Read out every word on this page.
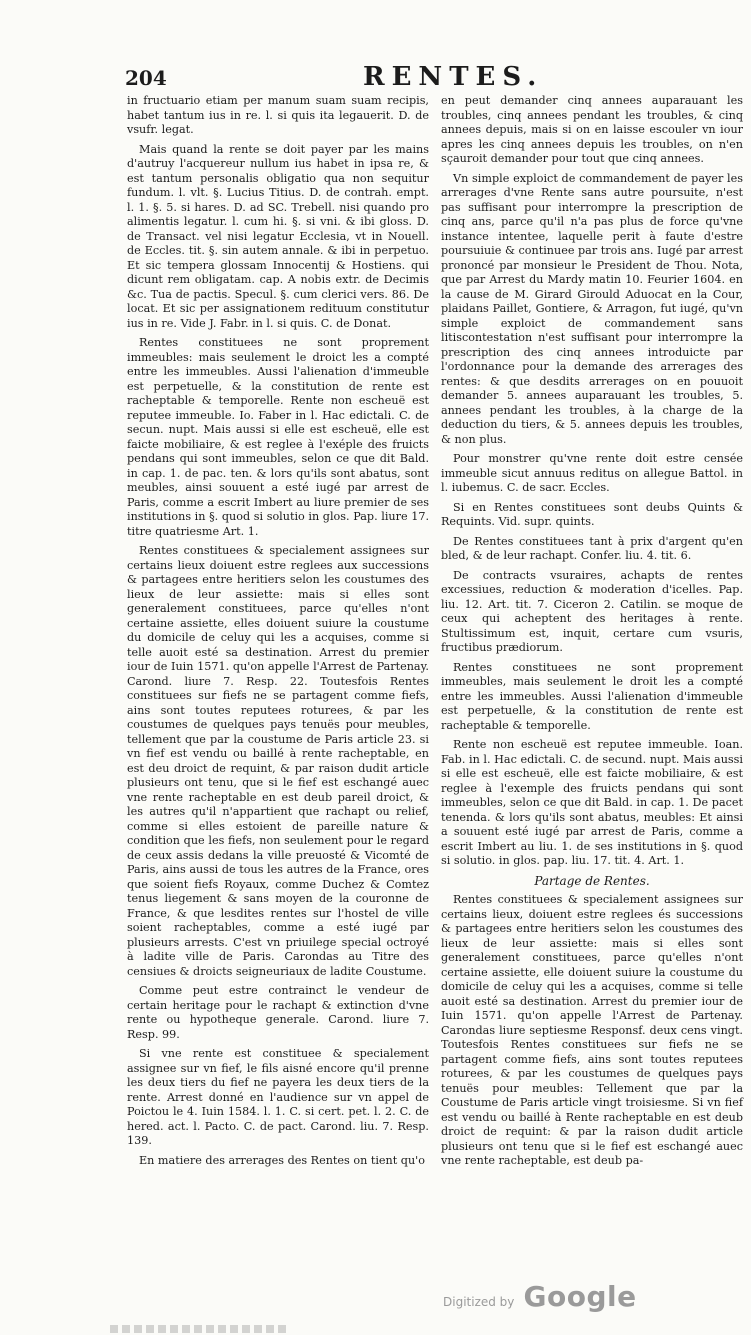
204	RENTES.

in fructuario etiam per manum suam suam recipis, habet tantum ius in re. l. si quis ita legauerit. D. de vsufr. legat.

Mais quand la rente se doit payer par les mains d'autruy l'acquereur nullum ius habet in ipsa re, & est tantum personalis obligatio qua non sequitur fundum. l. vlt. §. Lucius Titius. D. de contrah. empt. l. 1. §. 5. si hares. D. ad SC. Trebell. nisi quando pro alimentis legatur. l. cum hi. §. si vni. & ibi gloss. D. de Transact. vel nisi legatur Ecclesia, vt in Nouell. de Eccles. tit. §. sin autem annale. & ibi in perpetuo. Et sic tempera glossam Innocentij & Hostiens. qui dicunt rem obligatam. cap. A nobis extr. de Decimis &c. Tua de pactis. Specul. §. cum clerici vers. 86. De locat. Et sic per assignationem redituum constitutur ius in re. Vide J. Fabr. in l. si quis. C. de Donat.

Rentes constituees ne sont proprement immeubles: mais seulement le droict les a compté entre les immeubles. Aussi l'alienation d'immeuble est perpetuelle, & la constitution de rente est racheptable & temporelle. Rente non escheuë est reputee immeuble. Io. Faber in l. Hac edictali. C. de secun. nupt. Mais aussi si elle est escheuë, elle est faicte mobiliaire, & est reglee à l'exéple des fruicts pendans qui sont immeubles, selon ce que dit Bald. in cap. 1. de pac. ten. & lors qu'ils sont abatus, sont meubles, ainsi souuent a esté iugé par arrest de Paris, comme a escrit Imbert au liure premier de ses institutions in §. quod si solutio in glos. Pap. liure 17. titre quatriesme Art. 1.

Rentes constituees & specialement assignees sur certains lieux doiuent estre reglees aux successions & partagees entre heritiers selon les coustumes des lieux de leur assiette: mais si elles sont generalement constituees, parce qu'elles n'ont certaine assiette, elles doiuent suiure la coustume du domicile de celuy qui les a acquises, comme si telle auoit esté sa destination. Arrest du premier iour de Iuin 1571. qu'on appelle l'Arrest de Partenay. Carond. liure 7. Resp. 22. Toutesfois Rentes constituees sur fiefs ne se partagent comme fiefs, ains sont toutes reputees roturees, & par les coustumes de quelques pays tenuës pour meubles, tellement que par la coustume de Paris article 23. si vn fief est vendu ou baillé à rente racheptable, en est deu droict de requint, & par raison dudit article plusieurs ont tenu, que si le fief est eschangé auec vne rente racheptable en est deub pareil droict, & les autres qu'il n'appartient que rachapt ou relief, comme si elles estoient de pareille nature & condition que les fiefs, non seulement pour le regard de ceux assis dedans la ville preuosté & Vicomté de Paris, ains aussi de tous les autres de la France, ores que soient fiefs Royaux, comme Duchez & Comtez tenus liegement & sans moyen de la couronne de France, & que lesdites rentes sur l'hostel de ville soient racheptables, comme a esté iugé par plusieurs arrests. C'est vn priuilege special octroyé à ladite ville de Paris. Carondas au Titre des censiues & droicts seigneuriaux de ladite Coustume.

Comme peut estre contrainct le vendeur de certain heritage pour le rachapt & extinction d'vne rente ou hypotheque generale. Carond. liure 7. Resp. 99.

Si vne rente est constituee & specialement assignee sur vn fief, le fils aisné encore qu'il prenne les deux tiers du fief ne payera les deux tiers de la rente. Arrest donné en l'audience sur vn appel de Poictou le 4. Iuin 1584. l. 1. C. si cert. pet. l. 2. C. de hered. act. l. Pacto. C. de pact. Carond. liu. 7. Resp. 139.

En matiere des arrerages des Rentes on tient qu'o

en peut demander cinq annees auparauant les troubles, cinq annees pendant les troubles, & cinq annees depuis, mais si on en laisse escouler vn iour apres les cinq annees depuis les troubles, on n'en sçauroit demander pour tout que cinq annees.

Vn simple exploict de commandement de payer les arrerages d'vne Rente sans autre poursuite, n'est pas suffisant pour interrompre la prescription de cinq ans, parce qu'il n'a pas plus de force qu'vne instance intentee, laquelle perit à faute d'estre poursuiuie & continuee par trois ans. Iugé par arrest prononcé par monsieur le President de Thou. Nota, que par Arrest du Mardy matin 10. Feurier 1604. en la cause de M. Girard Girould Aduocat en la Cour, plaidans Paillet, Gontiere, & Arragon, fut iugé, qu'vn simple exploict de commandement sans litiscontestation n'est suffisant pour interrompre la prescription des cinq annees introduicte par l'ordonnance pour la demande des arrerages des rentes: & que desdits arrerages on en pouuoit demander 5. annees auparauant les troubles, 5. annees pendant les troubles, à la charge de la deduction du tiers, & 5. annees depuis les troubles, & non plus.

Pour monstrer qu'vne rente doit estre censée immeuble sicut annuus reditus on allegue Battol. in l. iubemus. C. de sacr. Eccles.

Si en Rentes constituees sont deubs Quints & Requints. Vid. supr. quints.

De Rentes constituees tant à prix d'argent qu'en bled, & de leur rachapt. Confer. liu. 4. tit. 6.

De contracts vsuraires, achapts de rentes excessiues, reduction & moderation d'icelles. Pap. liu. 12. Art. tit. 7. Ciceron 2. Catilin. se moque de ceux qui acheptent des heritages à rente. Stultissimum est, inquit, certare cum vsuris, fructibus prædiorum.

Rentes constituees ne sont proprement immeubles, mais seulement le droit les a compté entre les immeubles. Aussi l'alienation d'immeuble est perpetuelle, & la constitution de rente est racheptable & temporelle.

Rente non escheuë est reputee immeuble. Ioan. Fab. in l. Hac edictali. C. de secund. nupt. Mais aussi si elle est escheuë, elle est faicte mobiliaire, & est reglee à l'exemple des fruicts pendans qui sont immeubles, selon ce que dit Bald. in cap. 1. De pacet tenenda. & lors qu'ils sont abatus, meubles: Et ainsi a souuent esté iugé par arrest de Paris, comme a escrit Imbert au liu. 1. de ses institutions in §. quod si solutio. in glos. pap. liu. 17. tit. 4. Art. 1.

Partage de Rentes.

Rentes constituees & specialement assignees sur certains lieux, doiuent estre reglees és successions & partagees entre heritiers selon les coustumes des lieux de leur assiette: mais si elles sont generalement constituees, parce qu'elles n'ont certaine assiette, elle doiuent suiure la coustume du domicile de celuy qui les a acquises, comme si telle auoit esté sa destination. Arrest du premier iour de Iuin 1571. qu'on appelle l'Arrest de Partenay. Carondas liure septiesme Responsf. deux cens vingt. Toutesfois Rentes constituees sur fiefs ne se partagent comme fiefs, ains sont toutes reputees roturees, & par les coustumes de quelques pays tenuës pour meubles: Tellement que par la Coustume de Paris article vingt troisiesme. Si vn fief est vendu ou baillé à Rente racheptable en est deub droict de requint: & par la raison dudit article plusieurs ont tenu que si le fief est eschangé auec vne rente racheptable, est deub pa-

Digitized by Google
